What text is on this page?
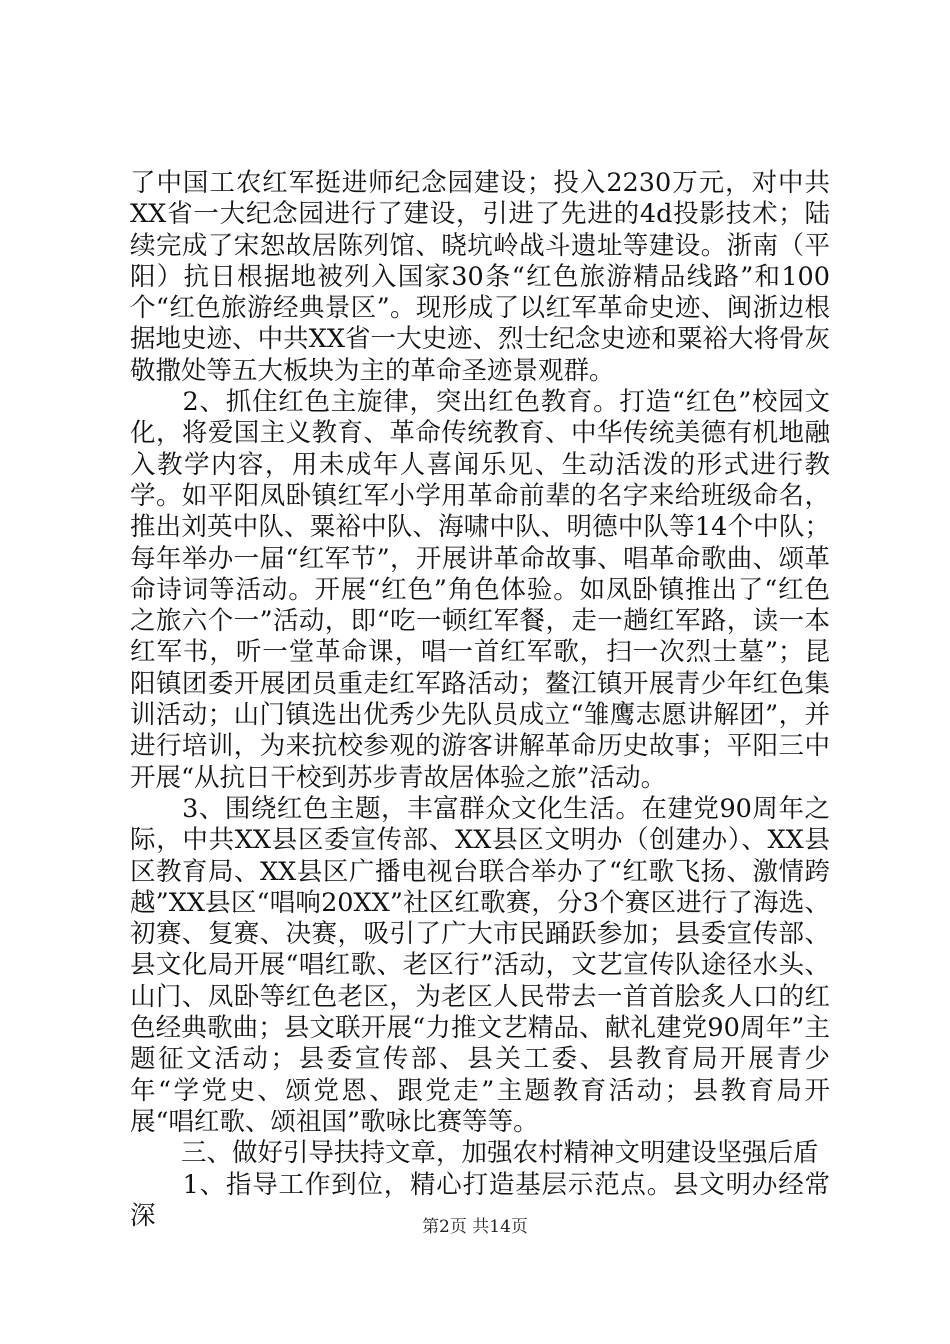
了中国工农红军挺进师纪念园建设；投入2230万元，对中共XX省一大纪念园进行了建设，引进了先进的4d投影技术；陆续完成了宋恕故居陈列馆、晓坑岭战斗遗址等建设。浙南（平阳）抗日根据地被列入国家30条“红色旅游精品线路”和100个“红色旅游经典景区”。现形成了以红军革命史迹、闽浙边根据地史迹、中共XX省一大史迹、烈士纪念史迹和粟裕大将骨灰敬撒处等五大板块为主的革命圣迹景观群。

　　2、抓住红色主旋律，突出红色教育。打造“红色”校园文化，将爱国主义教育、革命传统教育、中华传统美德有机地融入教学内容，用未成年人喜闻乐见、生动活泼的形式进行教学。如平阳凤卧镇红军小学用革命前辈的名字来给班级命名，推出刘英中队、粟裕中队、海啸中队、明德中队等14个中队；每年举办一届“红军节”，开展讲革命故事、唱革命歌曲、颂革命诗词等活动。开展“红色”角色体验。如凤卧镇推出了“红色之旅六个一”活动，即“吃一顿红军餐，走一趟红军路，读一本红军书，听一堂革命课，唱一首红军歌，扫一次烈士墓”；昆阳镇团委开展团员重走红军路活动；鳌江镇开展青少年红色集训活动；山门镇选出优秀少先队员成立“雏鹰志愿讲解团”，并进行培训，为来抗校参观的游客讲解革命历史故事；平阳三中开展“从抗日干校到苏步青故居体验之旅”活动。

　　3、围绕红色主题，丰富群众文化生活。在建党90周年之际，中共XX县区委宣传部、XX县区文明办（创建办）、XX县区教育局、XX县区广播电视台联合举办了“红歌飞扬、激情跨越”XX县区“唱响20XX”社区红歌赛，分3个赛区进行了海选、初赛、复赛、决赛，吸引了广大市民踊跃参加；县委宣传部、县文化局开展“唱红歌、老区行”活动，文艺宣传队途径水头、山门、凤卧等红色老区，为老区人民带去一首首脍炙人口的红色经典歌曲；县文联开展“力推文艺精品、献礼建党90周年”主题征文活动；县委宣传部、县关工委、县教育局开展青少年“学党史、颂党恩、跟党走”主题教育活动；县教育局开展“唱红歌、颂祖国”歌咏比赛等等。

　　三、做好引导扶持文章，加强农村精神文明建设坚强后盾

　　1、指导工作到位，精心打造基层示范点。县文明办经常深	第2页 共14页
